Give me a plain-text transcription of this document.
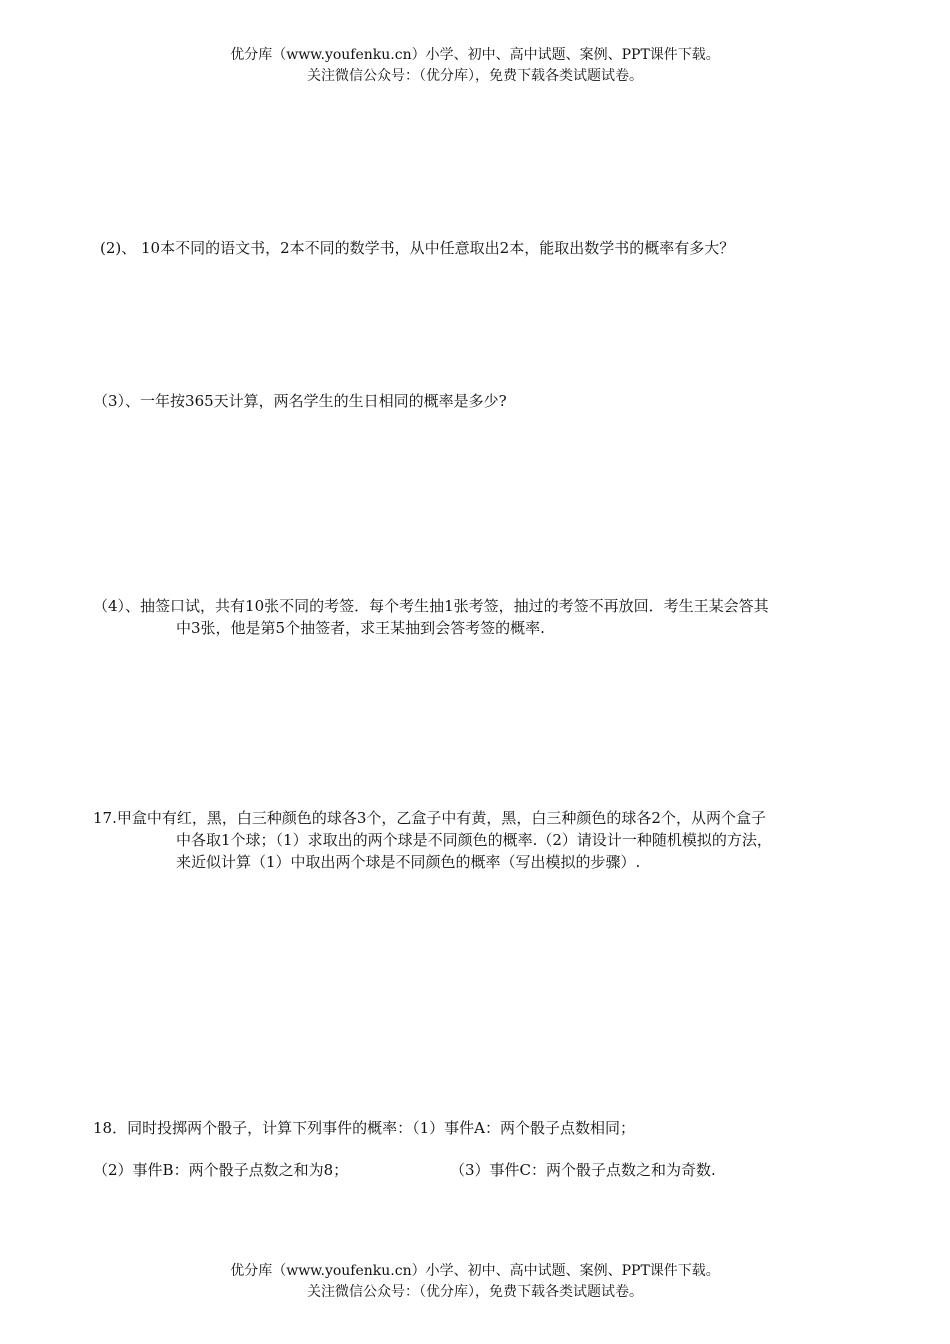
优分库（www.youfenku.cn）小学、初中、高中试题、案例、PPT课件下载。
关注微信公众号：（优分库），免费下载各类试题试卷。
(2)、 10本不同的语文书，2本不同的数学书，从中任意取出2本，能取出数学书的概率有多大？
（3）、一年按365天计算，两名学生的生日相同的概率是多少?
（4）、抽签口试，共有10张不同的考签．每个考生抽1张考签，抽过的考签不再放回．考生王某会答其
中3张，他是第5个抽签者，求王某抽到会答考签的概率.
17.甲盒中有红，黑，白三种颜色的球各3个，乙盒子中有黄，黑，白三种颜色的球各2个，从两个盒子
中各取1个球；（1）求取出的两个球是不同颜色的概率.（2）请设计一种随机模拟的方法，
来近似计算（1）中取出两个球是不同颜色的概率（写出模拟的步骤）.
18．同时投掷两个骰子，计算下列事件的概率：（1）事件A：两个骰子点数相同；
（2）事件B：两个骰子点数之和为8；	（3）事件C：两个骰子点数之和为奇数.
优分库（www.youfenku.cn）小学、初中、高中试题、案例、PPT课件下载。
关注微信公众号：（优分库），免费下载各类试题试卷。
